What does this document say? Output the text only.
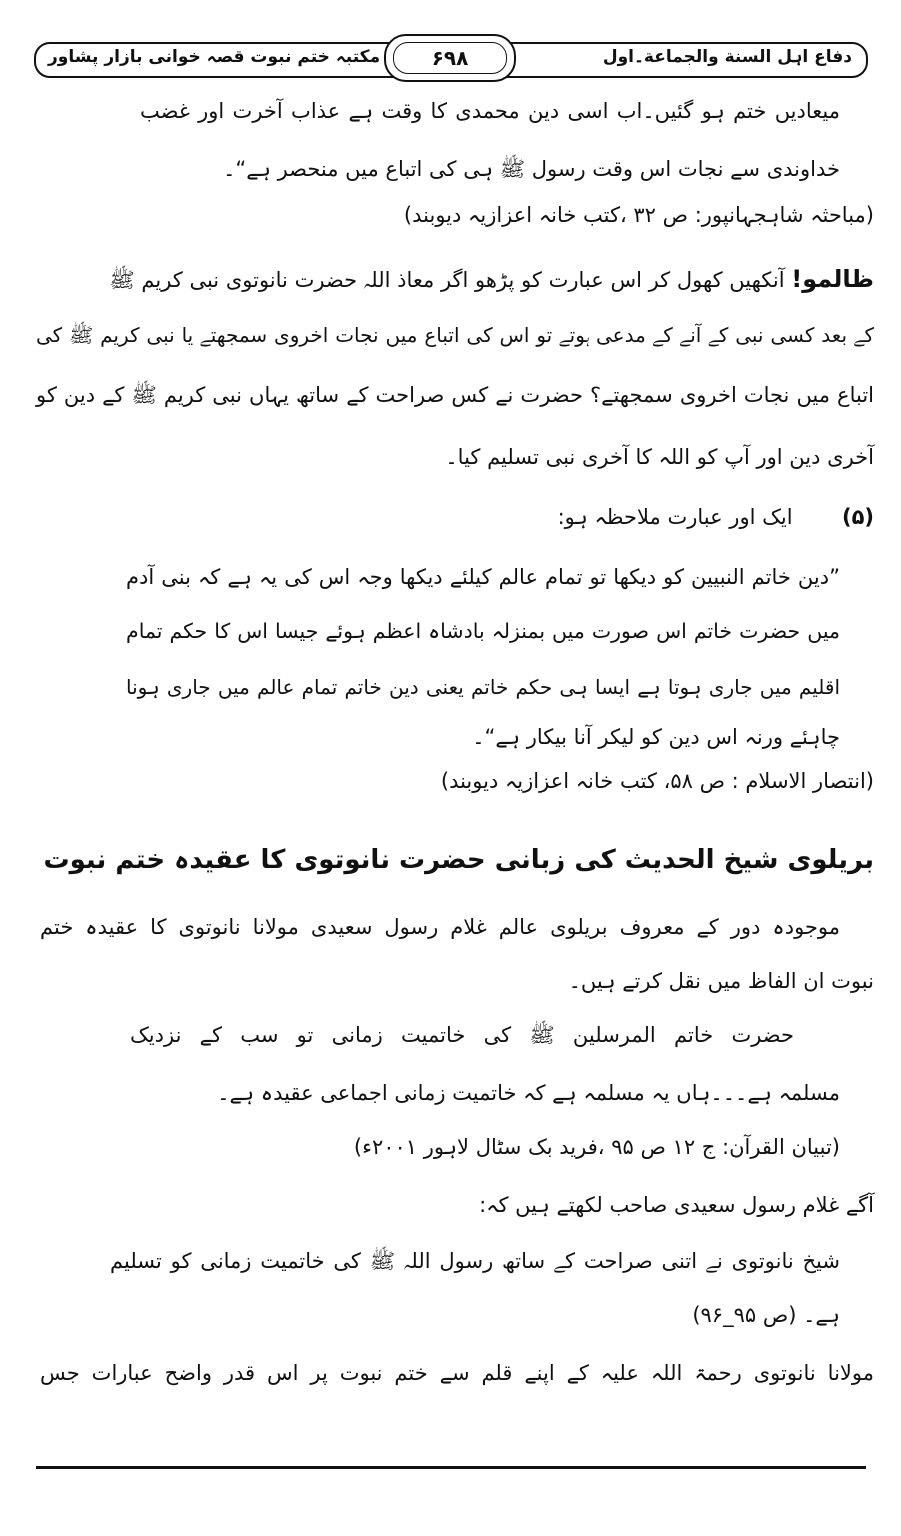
دفاع اہل السنة والجماعة۔اول
مکتبہ ختم نبوت قصہ خوانی بازار پشاور	۶۹۸
میعادیں ختم ہو گئیں۔اب اسی دین محمدی کا وقت ہے عذاب آخرت اور غضب
خداوندی سے نجات اس وقت رسول ﷺ ہی کی اتباع میں منحصر ہے“۔
(مباحثہ شاہجہانپور: ص ۳۲ ،کتب خانہ اعزازیہ دیوبند)
ظالمو! آنکھیں کھول کر اس عبارت کو پڑھو اگر معاذ اللہ حضرت نانوتوی نبی کریم ﷺ
کے بعد کسی نبی کے آنے کے مدعی ہوتے تو اس کی اتباع میں نجات اخروی سمجھتے یا نبی کریم ﷺ کی
اتباع میں نجات اخروی سمجھتے؟ حضرت نے کس صراحت کے ساتھ یہاں نبی کریم ﷺ کے دین کو
آخری دین اور آپ کو اللہ کا آخری نبی تسلیم کیا۔
(۵)  ایک اور عبارت ملاحظہ ہو:
”دین خاتم النبیین کو دیکھا تو تمام عالم کیلئے دیکھا وجہ اس کی یہ ہے کہ بنی آدم
میں حضرت خاتم اس صورت میں بمنزلہ بادشاہ اعظم ہوئے جیسا اس کا حکم تمام
اقلیم میں جاری ہوتا ہے ایسا ہی حکم خاتم یعنی دین خاتم تمام عالم میں جاری ہونا
چاہئے ورنہ اس دین کو لیکر آنا بیکار ہے“۔
(انتصار الاسلام : ص ۵۸، کتب خانہ اعزازیہ دیوبند)
بریلوی شیخ الحدیث کی زبانی حضرت نانوتوی کا عقیدہ ختم نبوت
موجودہ دور کے معروف بریلوی عالم غلام رسول سعیدی مولانا نانوتوی کا عقیدہ ختم
نبوت ان الفاظ میں نقل کرتے ہیں۔
حضرت خاتم المرسلین ﷺ کی خاتمیت زمانی تو سب کے نزدیک
مسلمہ ہے۔۔۔ہاں یہ مسلمہ ہے کہ خاتمیت زمانی اجماعی عقیدہ ہے۔
(تبیان القرآن: ج ۱۲ ص ۹۵ ،فرید بک سٹال لاہور ۲۰۰۱ء)
آگے غلام رسول سعیدی صاحب لکھتے ہیں کہ:
شیخ نانوتوی نے اتنی صراحت کے ساتھ رسول اللہ ﷺ کی خاتمیت زمانی کو تسلیم
ہے۔ (ص ۹۵_۹۶)
مولانا نانوتوی رحمۃ اللہ علیہ کے اپنے قلم سے ختم نبوت پر اس قدر واضح عبارات جس
